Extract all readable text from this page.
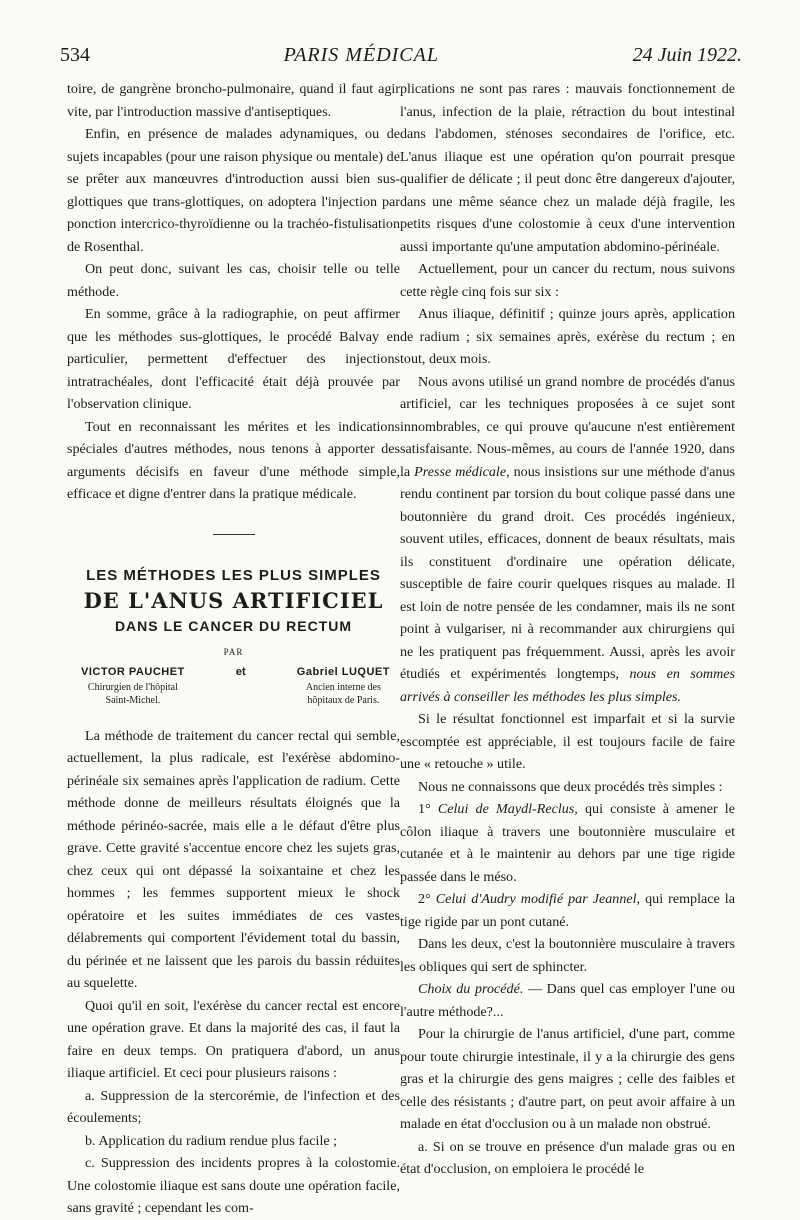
534	PARIS MÉDICAL	24 Juin 1922.

toire, de gangrène broncho-pulmonaire, quand il faut agir vite, par l'introduction massive d'antiseptiques.

Enfin, en présence de malades adynamiques, ou de sujets incapables (pour une raison physique ou mentale) de se prêter aux manœuvres d'introduction aussi bien sus-glottiques que trans-glottiques, on adoptera l'injection par ponction intercrico-thyroïdienne ou la trachéo-fistulisation de Rosenthal.

On peut donc, suivant les cas, choisir telle ou telle méthode.

En somme, grâce à la radiographie, on peut affirmer que les méthodes sus-glottiques, le procédé Balvay en particulier, permettent d'effectuer des injections intratrachéales, dont l'efficacité était déjà prouvée par l'observation clinique.

Tout en reconnaissant les mérites et les indications spéciales d'autres méthodes, nous tenons à apporter des arguments décisifs en faveur d'une méthode simple, efficace et digne d'entrer dans la pratique médicale.

LES MÉTHODES LES PLUS SIMPLES
DE L'ANUS ARTIFICIEL
DANS LE CANCER DU RECTUM
PAR
VICTOR PAUCHET
Chirurgien de l'hôpital
Saint-Michel.
et	Gabriel LUQUET
Ancien interne des
hôpitaux de Paris.

La méthode de traitement du cancer rectal qui semble, actuellement, la plus radicale, est l'exérèse abdomino-périnéale six semaines après l'application de radium. Cette méthode donne de meilleurs résultats éloignés que la méthode périnéo-sacrée, mais elle a le défaut d'être plus grave. Cette gravité s'accentue encore chez les sujets gras, chez ceux qui ont dépassé la soixantaine et chez les hommes ; les femmes supportent mieux le shock opératoire et les suites immédiates de ces vastes délabrements qui comportent l'évidement total du bassin, du périnée et ne laissent que les parois du bassin réduites au squelette.

Quoi qu'il en soit, l'exérèse du cancer rectal est encore une opération grave. Et dans la majorité des cas, il faut la faire en deux temps. On pratiquera d'abord, un anus iliaque artificiel. Et ceci pour plusieurs raisons :

a. Suppression de la stercorémie, de l'infection et des écoulements;

b. Application du radium rendue plus facile ;

c. Suppression des incidents propres à la colostomie. Une colostomie iliaque est sans doute une opération facile, sans gravité ; cependant les com-

plications ne sont pas rares : mauvais fonctionnement de l'anus, infection de la plaie, rétraction du bout intestinal dans l'abdomen, sténoses secondaires de l'orifice, etc. L'anus iliaque est une opération qu'on pourrait presque qualifier de délicate ; il peut donc être dangereux d'ajouter, dans une même séance chez un malade déjà fragile, les petits risques d'une colostomie à ceux d'une intervention aussi importante qu'une amputation abdomino-périnéale.

Actuellement, pour un cancer du rectum, nous suivons cette règle cinq fois sur six :

Anus iliaque, définitif ; quinze jours après, application de radium ; six semaines après, exérèse du rectum ; en tout, deux mois.

Nous avons utilisé un grand nombre de procédés d'anus artificiel, car les techniques proposées à ce sujet sont innombrables, ce qui prouve qu'aucune n'est entièrement satisfaisante. Nous-mêmes, au cours de l'année 1920, dans la Presse médicale, nous insistions sur une méthode d'anus rendu continent par torsion du bout colique passé dans une boutonnière du grand droit. Ces procédés ingénieux, souvent utiles, efficaces, donnent de beaux résultats, mais ils constituent d'ordinaire une opération délicate, susceptible de faire courir quelques risques au malade. Il est loin de notre pensée de les condamner, mais ils ne sont point à vulgariser, ni à recommander aux chirurgiens qui ne les pratiquent pas fréquemment. Aussi, après les avoir étudiés et expérimentés longtemps, nous en sommes arrivés à conseiller les méthodes les plus simples.

Si le résultat fonctionnel est imparfait et si la survie escomptée est appréciable, il est toujours facile de faire une « retouche » utile.

Nous ne connaissons que deux procédés très simples :

1° Celui de Maydl-Reclus, qui consiste à amener le côlon iliaque à travers une boutonnière musculaire et cutanée et à le maintenir au dehors par une tige rigide passée dans le méso.

2° Celui d'Audry modifié par Jeannel, qui remplace la tige rigide par un pont cutané.

Dans les deux, c'est la boutonnière musculaire à travers les obliques qui sert de sphincter.

Choix du procédé. — Dans quel cas employer l'une ou l'autre méthode?...

Pour la chirurgie de l'anus artificiel, d'une part, comme pour toute chirurgie intestinale, il y a la chirurgie des gens gras et la chirurgie des gens maigres ; celle des faibles et celle des résistants ; d'autre part, on peut avoir affaire à un malade en état d'occlusion ou à un malade non obstrué.

a. Si on se trouve en présence d'un malade gras ou en état d'occlusion, on emploiera le procédé le
